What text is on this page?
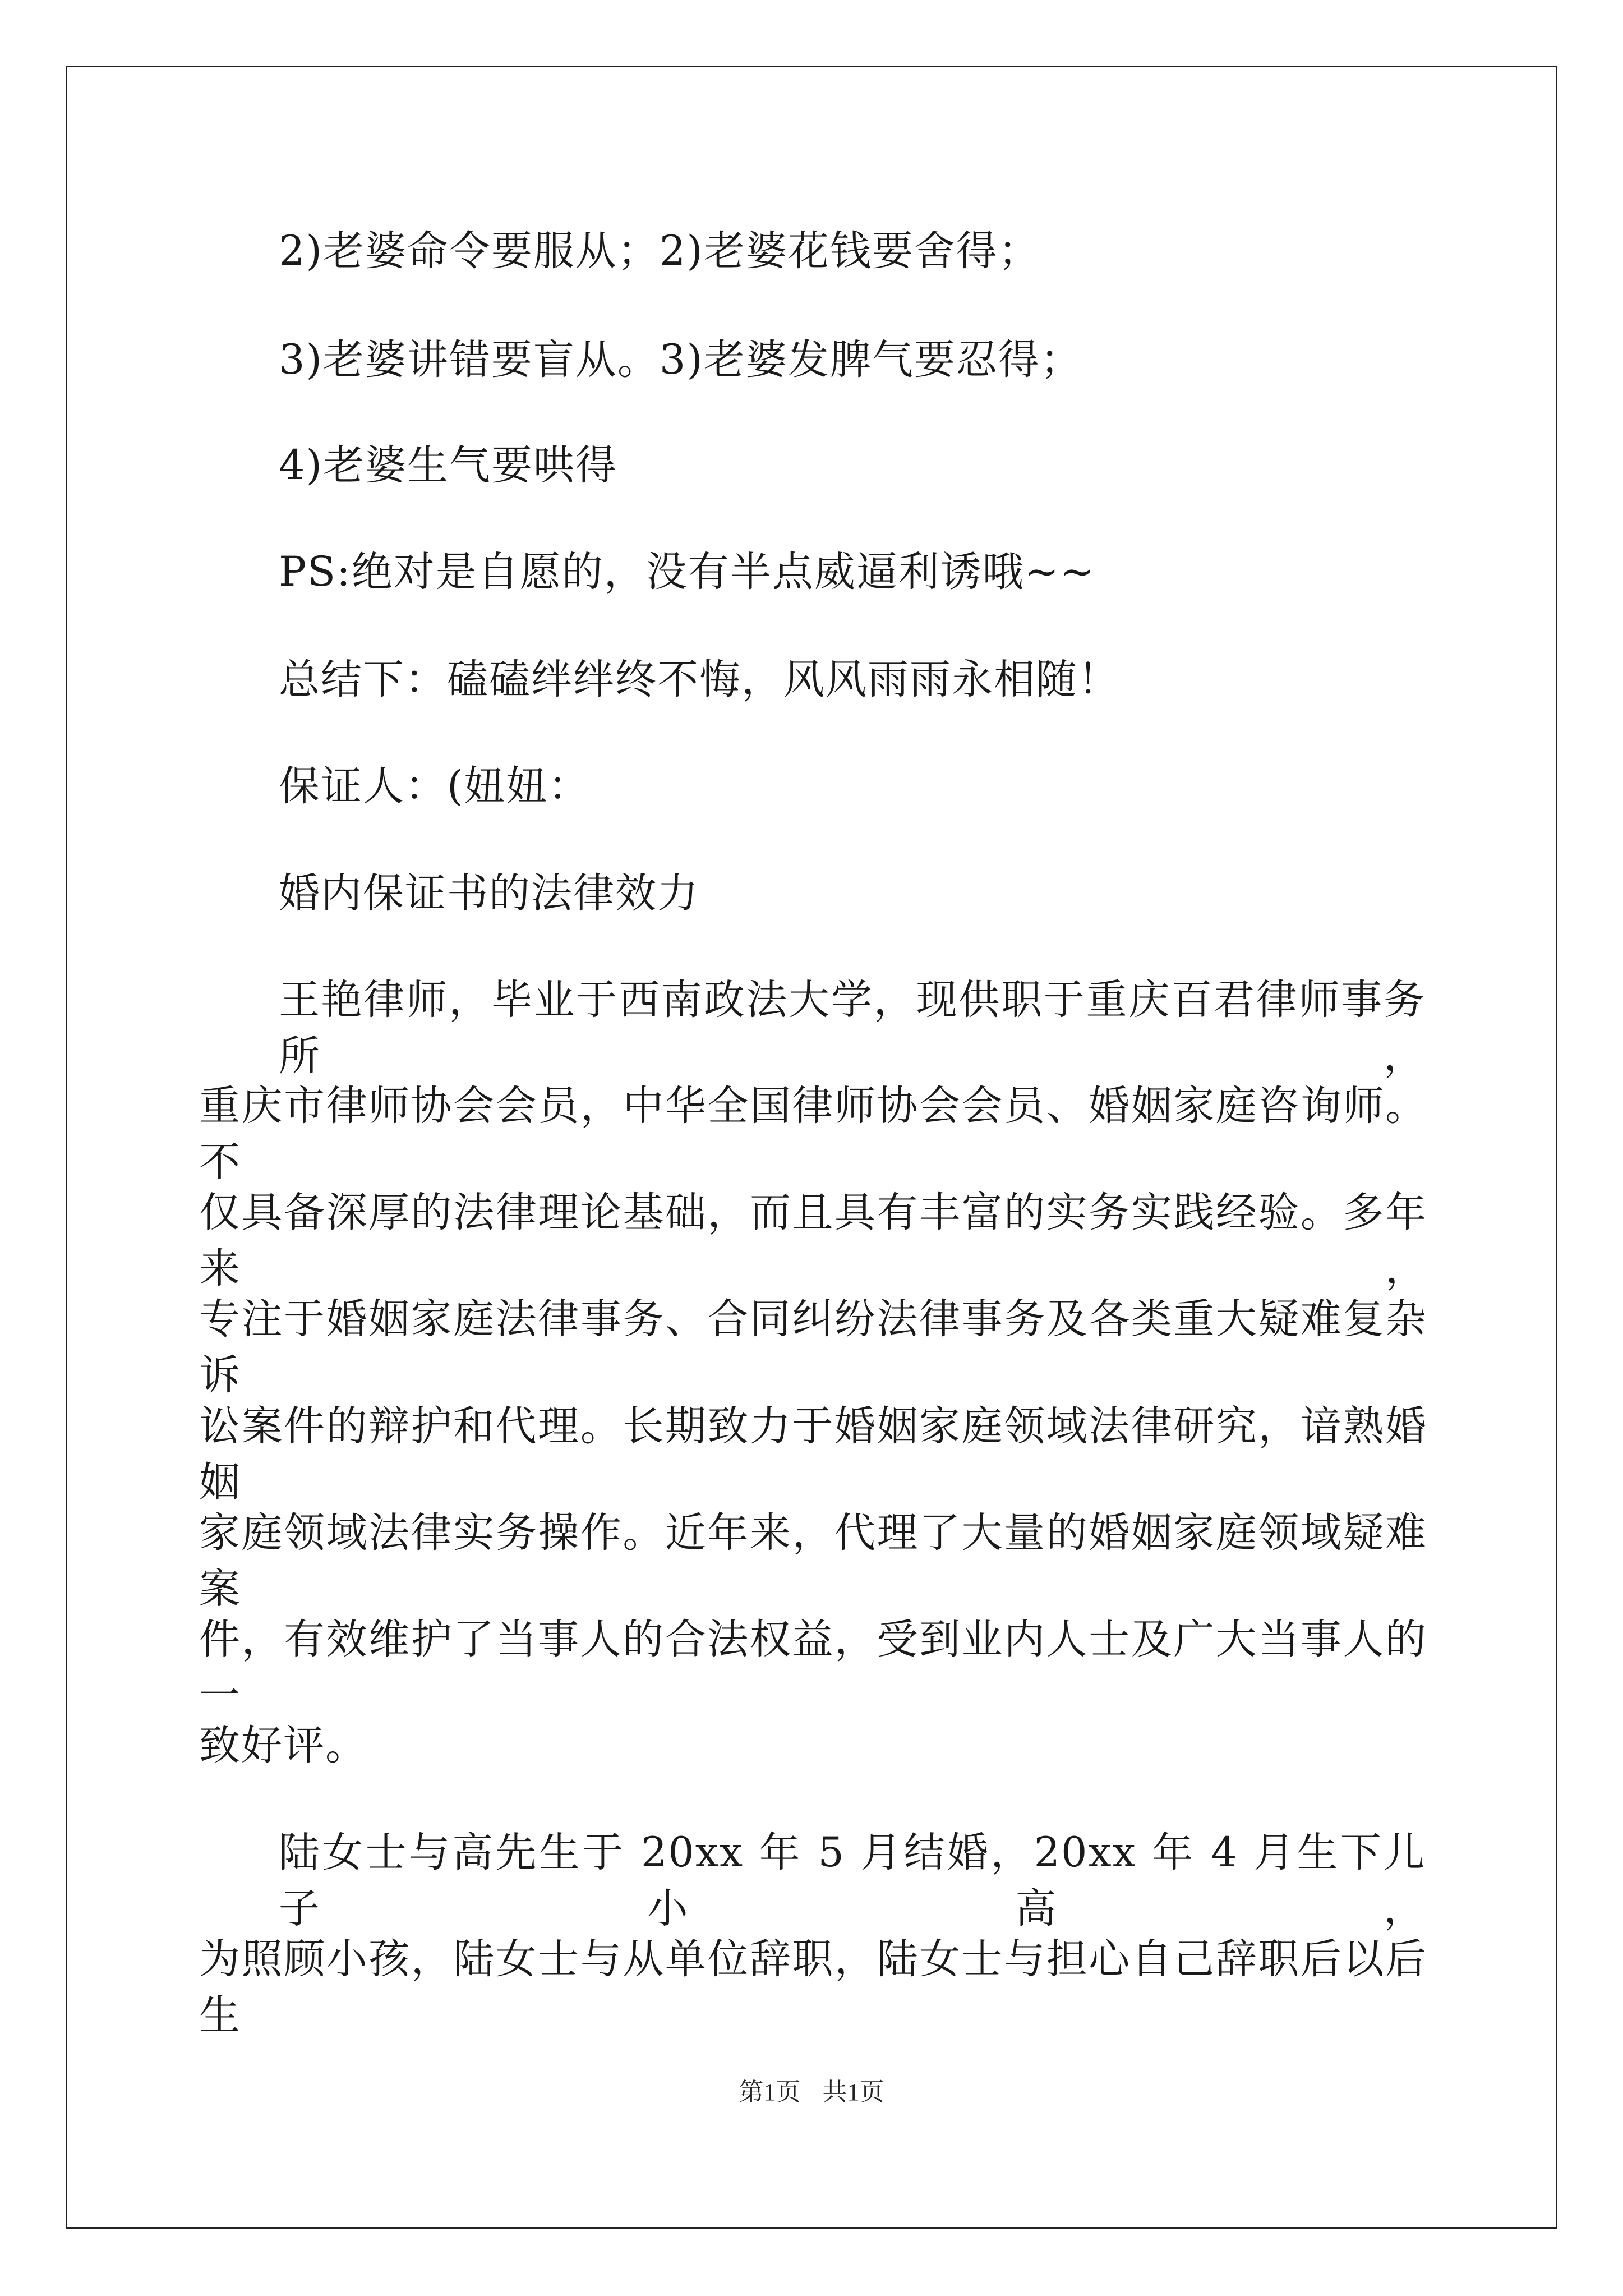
2)老婆命令要服从；2)老婆花钱要舍得；
3)老婆讲错要盲从。3)老婆发脾气要忍得；
4)老婆生气要哄得
PS:绝对是自愿的，没有半点威逼利诱哦~~
总结下：磕磕绊绊终不悔，风风雨雨永相随！
保证人：(妞妞：
婚内保证书的法律效力
王艳律师，毕业于西南政法大学，现供职于重庆百君律师事务所，
重庆市律师协会会员，中华全国律师协会会员、婚姻家庭咨询师。不
仅具备深厚的法律理论基础，而且具有丰富的实务实践经验。多年来，
专注于婚姻家庭法律事务、合同纠纷法律事务及各类重大疑难复杂诉
讼案件的辩护和代理。长期致力于婚姻家庭领域法律研究，谙熟婚姻
家庭领域法律实务操作。近年来，代理了大量的婚姻家庭领域疑难案
件，有效维护了当事人的合法权益，受到业内人士及广大当事人的一
致好评。
陆女士与高先生于 20xx 年 5 月结婚，20xx 年 4 月生下儿子小高，
为照顾小孩，陆女士与从单位辞职，陆女士与担心自己辞职后以后生
第1页 共1页
